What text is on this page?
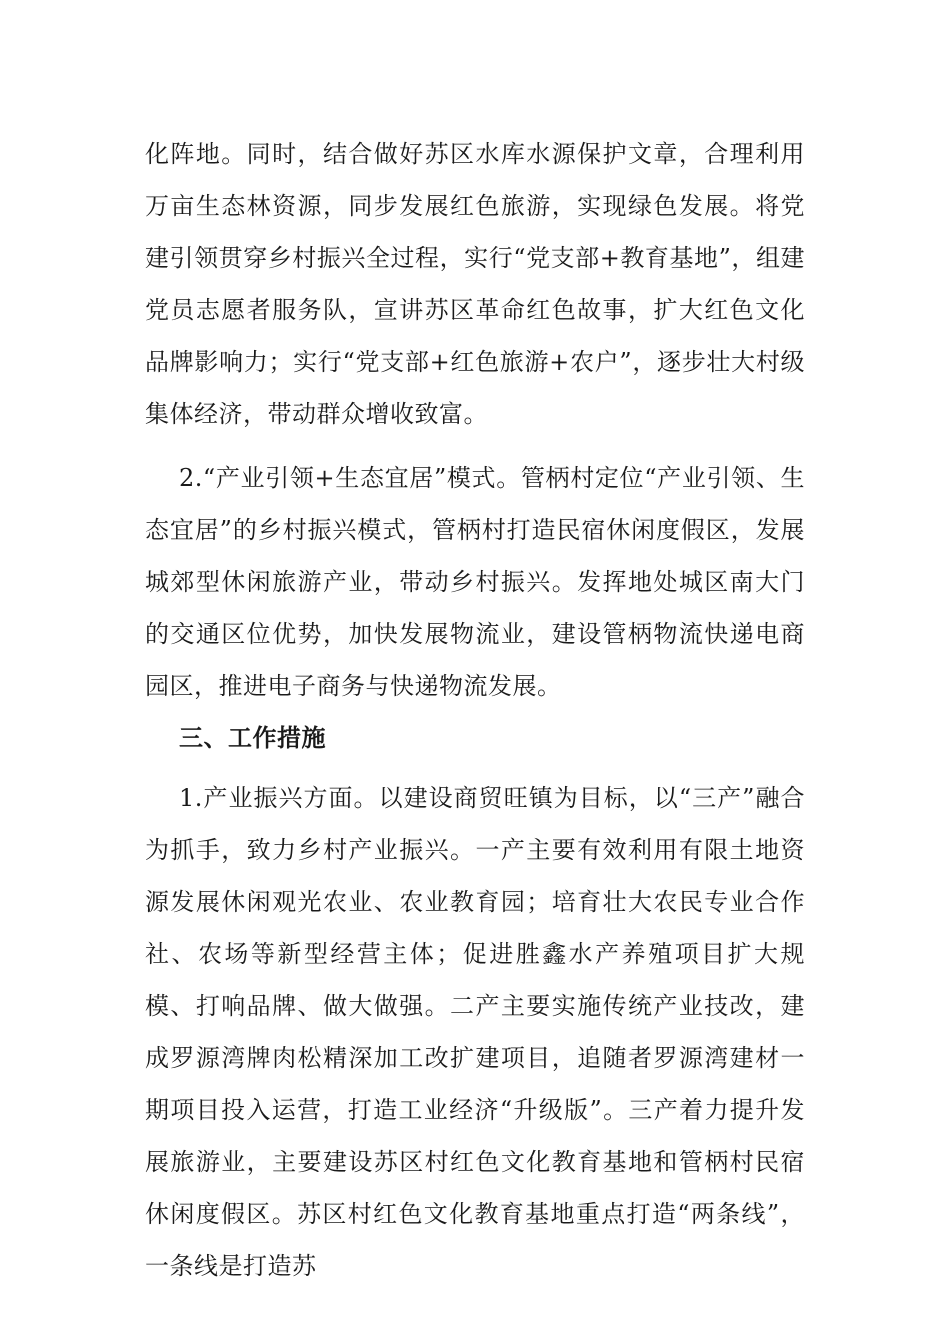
化阵地。同时，结合做好苏区水库水源保护文章，合理利用万亩生态林资源，同步发展红色旅游，实现绿色发展。将党建引领贯穿乡村振兴全过程，实行“党支部+教育基地”，组建党员志愿者服务队，宣讲苏区革命红色故事，扩大红色文化品牌影响力；实行“党支部+红色旅游+农户”，逐步壮大村级集体经济，带动群众增收致富。

2.“产业引领+生态宜居”模式。管柄村定位“产业引领、生态宜居”的乡村振兴模式，管柄村打造民宿休闲度假区，发展城郊型休闲旅游产业，带动乡村振兴。发挥地处城区南大门的交通区位优势，加快发展物流业，建设管柄物流快递电商园区，推进电子商务与快递物流发展。

三、工作措施

1.产业振兴方面。以建设商贸旺镇为目标，以“三产”融合为抓手，致力乡村产业振兴。一产主要有效利用有限土地资源发展休闲观光农业、农业教育园；培育壮大农民专业合作社、农场等新型经营主体；促进胜鑫水产养殖项目扩大规模、打响品牌、做大做强。二产主要实施传统产业技改，建成罗源湾牌肉松精深加工改扩建项目，追随者罗源湾建材一期项目投入运营，打造工业经济“升级版”。三产着力提升发展旅游业，主要建设苏区村红色文化教育基地和管柄村民宿休闲度假区。苏区村红色文化教育基地重点打造“两条线”，一条线是打造苏
